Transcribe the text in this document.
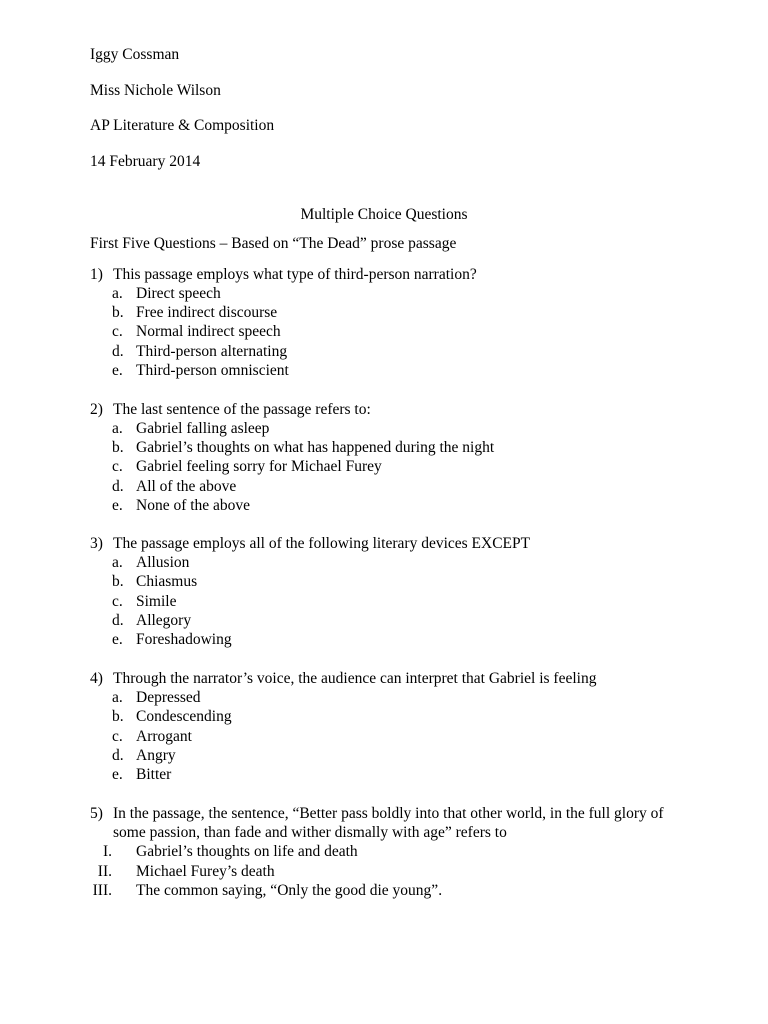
Iggy Cossman
Miss Nichole Wilson
AP Literature & Composition
14 February 2014
Multiple Choice Questions
First Five Questions – Based on “The Dead” prose passage
1) This passage employs what type of third-person narration?
a. Direct speech
b. Free indirect discourse
c. Normal indirect speech
d. Third-person alternating
e. Third-person omniscient
2) The last sentence of the passage refers to:
a. Gabriel falling asleep
b. Gabriel’s thoughts on what has happened during the night
c. Gabriel feeling sorry for Michael Furey
d. All of the above
e. None of the above
3) The passage employs all of the following literary devices EXCEPT
a. Allusion
b. Chiasmus
c. Simile
d. Allegory
e. Foreshadowing
4) Through the narrator’s voice, the audience can interpret that Gabriel is feeling
a. Depressed
b. Condescending
c. Arrogant
d. Angry
e. Bitter
5) In the passage, the sentence, “Better pass boldly into that other world, in the full glory of
some passion, than fade and wither dismally with age” refers to
I. Gabriel’s thoughts on life and death
II. Michael Furey’s death
III. The common saying, “Only the good die young”.
